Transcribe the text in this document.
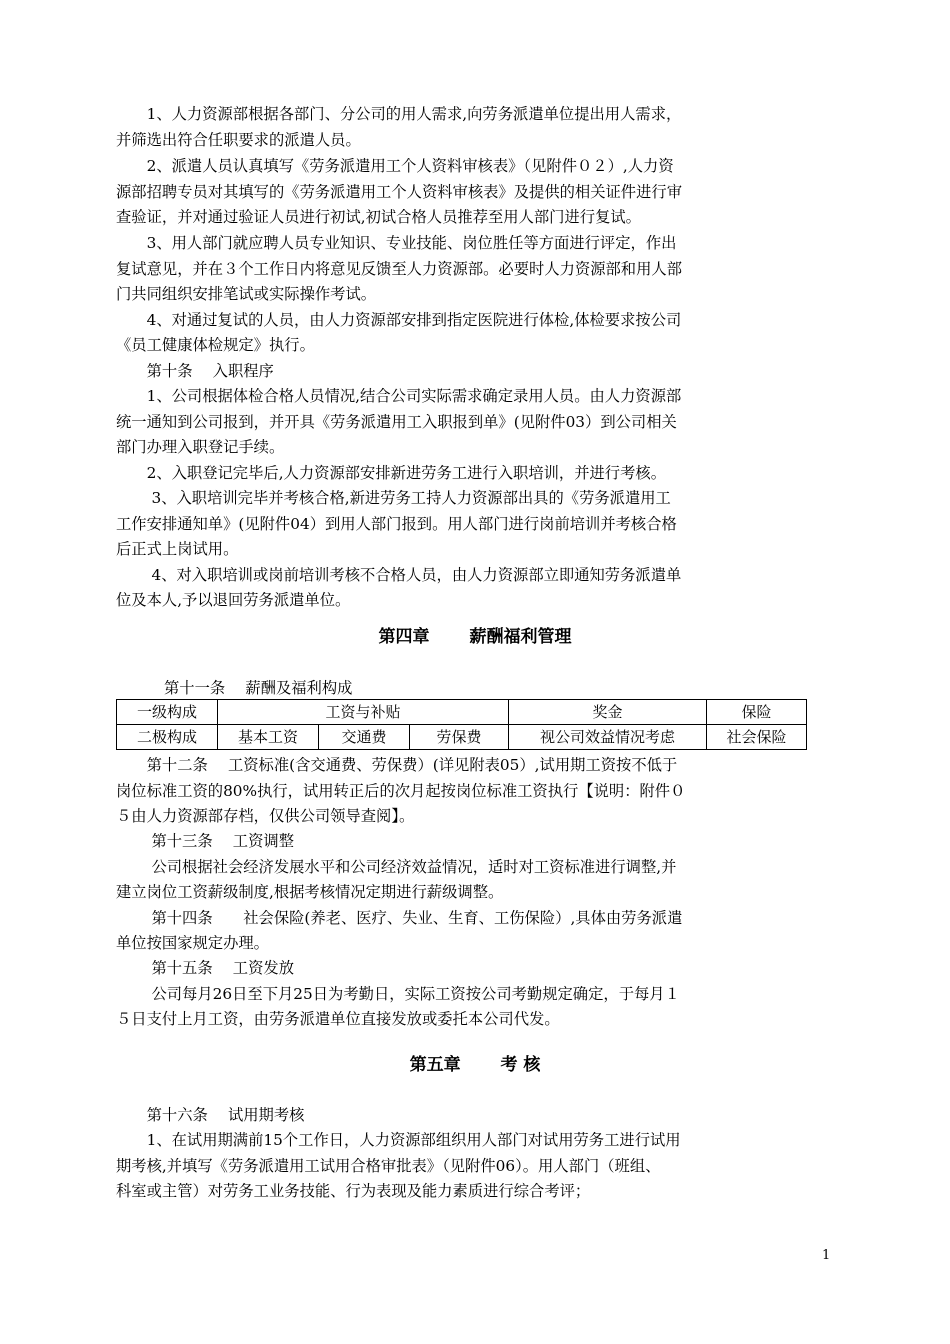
　　1、人力资源部根据各部门、分公司的用人需求,向劳务派遣单位提出用人需求，

并筛选出符合任职要求的派遣人员。

　　2、派遣人员认真填写《劳务派遣用工个人资料审核表》（见附件０２）,人力资

源部招聘专员对其填写的《劳务派遣用工个人资料审核表》及提供的相关证件进行审

查验证，并对通过验证人员进行初试,初试合格人员推荐至用人部门进行复试。

　　3、用人部门就应聘人员专业知识、专业技能、岗位胜任等方面进行评定，作出

复试意见，并在３个工作日内将意见反馈至人力资源部。必要时人力资源部和用人部

门共同组织安排笔试或实际操作考试。

　　4、对通过复试的人员，由人力资源部安排到指定医院进行体检,体检要求按公司

《员工健康体检规定》执行。

　　第十条　 入职程序

　　1、公司根据体检合格人员情况,结合公司实际需求确定录用人员。由人力资源部

统一通知到公司报到，并开具《劳务派遣用工入职报到单》(见附件03）到公司相关

部门办理入职登记手续。

　　2、入职登记完毕后,人力资源部安排新进劳务工进行入职培训，并进行考核。

　　 3、入职培训完毕并考核合格,新进劳务工持人力资源部出具的《劳务派遣用工

工作安排通知单》(见附件04）到用人部门报到。用人部门进行岗前培训并考核合格

后正式上岗试用。

　　 4、对入职培训或岗前培训考核不合格人员，由人力资源部立即通知劳务派遣单

位及本人,予以退回劳务派遣单位。

第四章　　 薪酬福利管理

第十一条　 薪酬及福利构成

一级构成	工资与补贴			奖金	保险
二极构成	基本工资	交通费	劳保费	视公司效益情况考虑	社会保险

　　第十二条　 工资标准(含交通费、劳保费）(详见附表05）,试用期工资按不低于

岗位标准工资的80%执行，试用转正后的次月起按岗位标准工资执行【说明：附件０

５由人力资源部存档，仅供公司领导查阅】。

　　 第十三条　 工资调整

　　 公司根据社会经济发展水平和公司经济效益情况，适时对工资标准进行调整,并

建立岗位工资薪级制度,根据考核情况定期进行薪级调整。

　　 第十四条　　社会保险(养老、医疗、失业、生育、工伤保险）,具体由劳务派遣

单位按国家规定办理。

　　 第十五条　 工资发放

　　 公司每月26日至下月25日为考勤日，实际工资按公司考勤规定确定，于每月１

５日支付上月工资，由劳务派遣单位直接发放或委托本公司代发。

第五章　　 考 核

　　第十六条　 试用期考核

　　1、在试用期满前15个工作日，人力资源部组织用人部门对试用劳务工进行试用

期考核,并填写《劳务派遣用工试用合格审批表》（见附件06）。用人部门（班组、

科室或主管）对劳务工业务技能、行为表现及能力素质进行综合考评；

1
